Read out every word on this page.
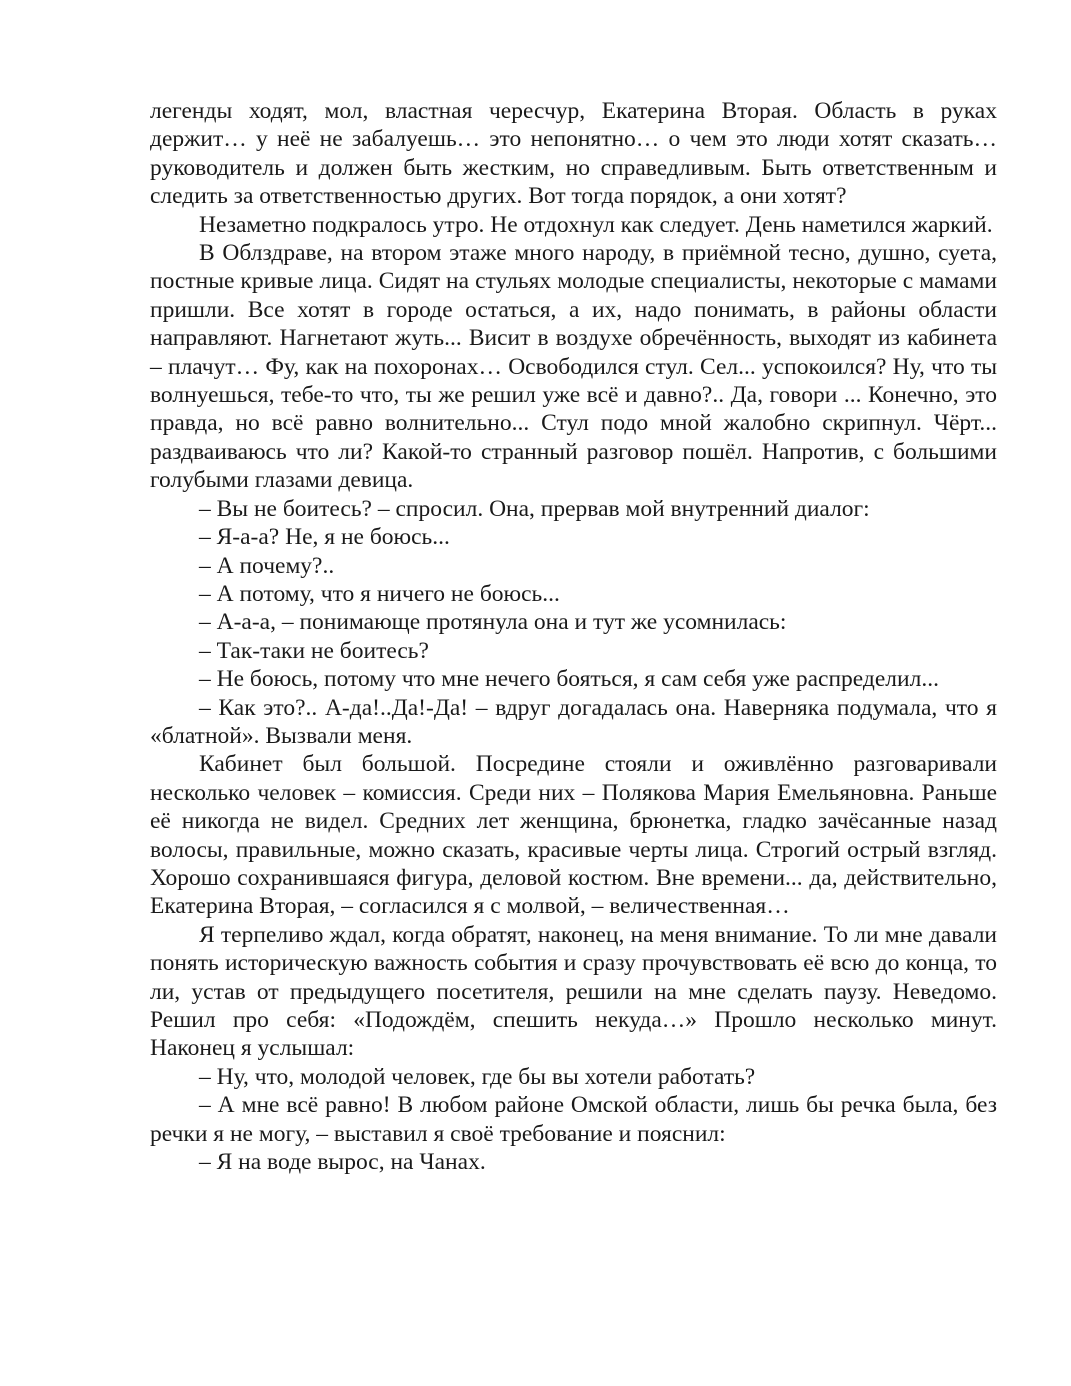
легенды ходят, мол, властная чересчур, Екатерина Вторая. Область в руках держит… у неё не забалуешь… это непонятно… о чем это люди хотят сказать… руководитель и должен быть жестким, но справедливым. Быть ответственным и следить за ответственностью других. Вот тогда порядок, а они хотят?

Незаметно подкралось утро. Не отдохнул как следует. День наметился жаркий.

В Облздраве, на втором этаже много народу, в приёмной тесно, душно, суета, постные кривые лица. Сидят на стульях молодые специалисты, некоторые с мамами пришли. Все хотят в городе остаться, а их, надо понимать, в районы области направляют. Нагнетают жуть... Висит в воздухе обречённость, выходят из кабинета – плачут… Фу, как на похоронах… Освободился стул. Сел... успокоился? Ну, что ты волнуешься, тебе-то что, ты же решил уже всё и давно?.. Да, говори ... Конечно, это правда, но всё равно волнительно... Стул подо мной жалобно скрипнул. Чёрт... раздваиваюсь что ли? Какой-то странный разговор пошёл. Напротив, с большими голубыми глазами девица.

– Вы не боитесь? – спросил. Она, прервав мой внутренний диалог:

– Я-а-а? Не, я не боюсь...

– А почему?..

– А потому, что я ничего не боюсь...

– А-а-а, – понимающе протянула она и тут же усомнилась:

– Так-таки не боитесь?

– Не боюсь, потому что мне нечего бояться, я сам себя уже распределил...

– Как это?.. А-да!..Да!-Да! – вдруг догадалась она. Наверняка подумала, что я «блатной». Вызвали меня.

Кабинет был большой. Посредине стояли и оживлённо разговаривали несколько человек – комиссия. Среди них – Полякова Мария Емельяновна. Раньше её никогда не видел. Средних лет женщина, брюнетка, гладко зачёсанные назад волосы, правильные, можно сказать, красивые черты лица. Строгий острый взгляд. Хорошо сохранившаяся фигура, деловой костюм. Вне времени... да, действительно, Екатерина Вторая, – согласился я с молвой, – величественная…

Я терпеливо ждал, когда обратят, наконец, на меня внимание. То ли мне давали понять историческую важность события и сразу прочувствовать её всю до конца, то ли, устав от предыдущего посетителя, решили на мне сделать паузу. Неведомо. Решил про себя: «Подождём, спешить некуда…» Прошло несколько минут. Наконец я услышал:

– Ну, что, молодой человек, где бы вы хотели работать?

– А мне всё равно! В любом районе Омской области, лишь бы речка была, без речки я не могу, – выставил я своё требование и пояснил:

– Я на воде вырос, на Чанах.
